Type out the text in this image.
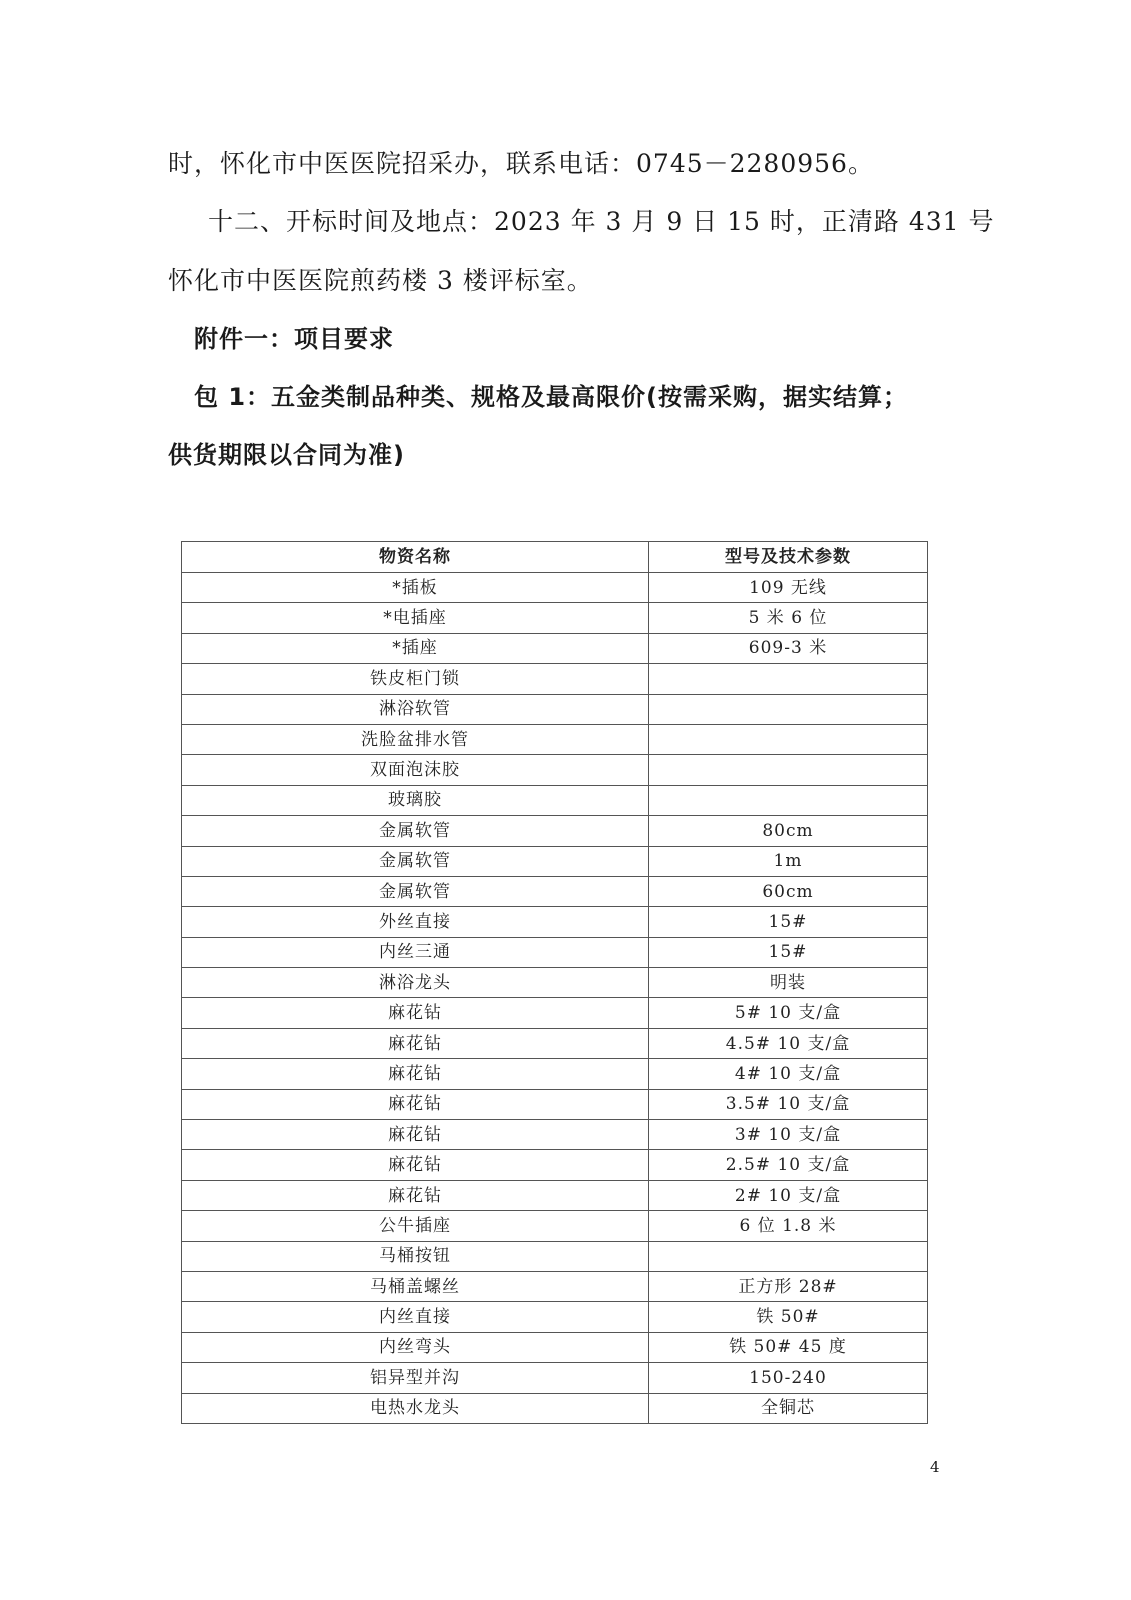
时，怀化市中医医院招采办，联系电话：0745－2280956。
十二、开标时间及地点：2023 年 3 月 9 日 15 时，正清路 431 号
怀化市中医医院煎药楼 3 楼评标室。
附件一：项目要求
包 1：五金类制品种类、规格及最高限价(按需采购，据实结算；
供货期限以合同为准)
物资名称	型号及技术参数
*插板	109 无线
*电插座	5 米 6 位
*插座	609-3 米
铁皮柜门锁	
淋浴软管	
洗脸盆排水管	
双面泡沫胶	
玻璃胶	
金属软管	80cm
金属软管	1m
金属软管	60cm
外丝直接	15#
内丝三通	15#
淋浴龙头	明装
麻花钻	5# 10 支/盒
麻花钻	4.5# 10 支/盒
麻花钻	4# 10 支/盒
麻花钻	3.5# 10 支/盒
麻花钻	3# 10 支/盒
麻花钻	2.5# 10 支/盒
麻花钻	2# 10 支/盒
公牛插座	6 位 1.8 米
马桶按钮	
马桶盖螺丝	正方形 28#
内丝直接	铁 50#
内丝弯头	铁 50# 45 度
铝异型并沟	150-240
电热水龙头	全铜芯
4
